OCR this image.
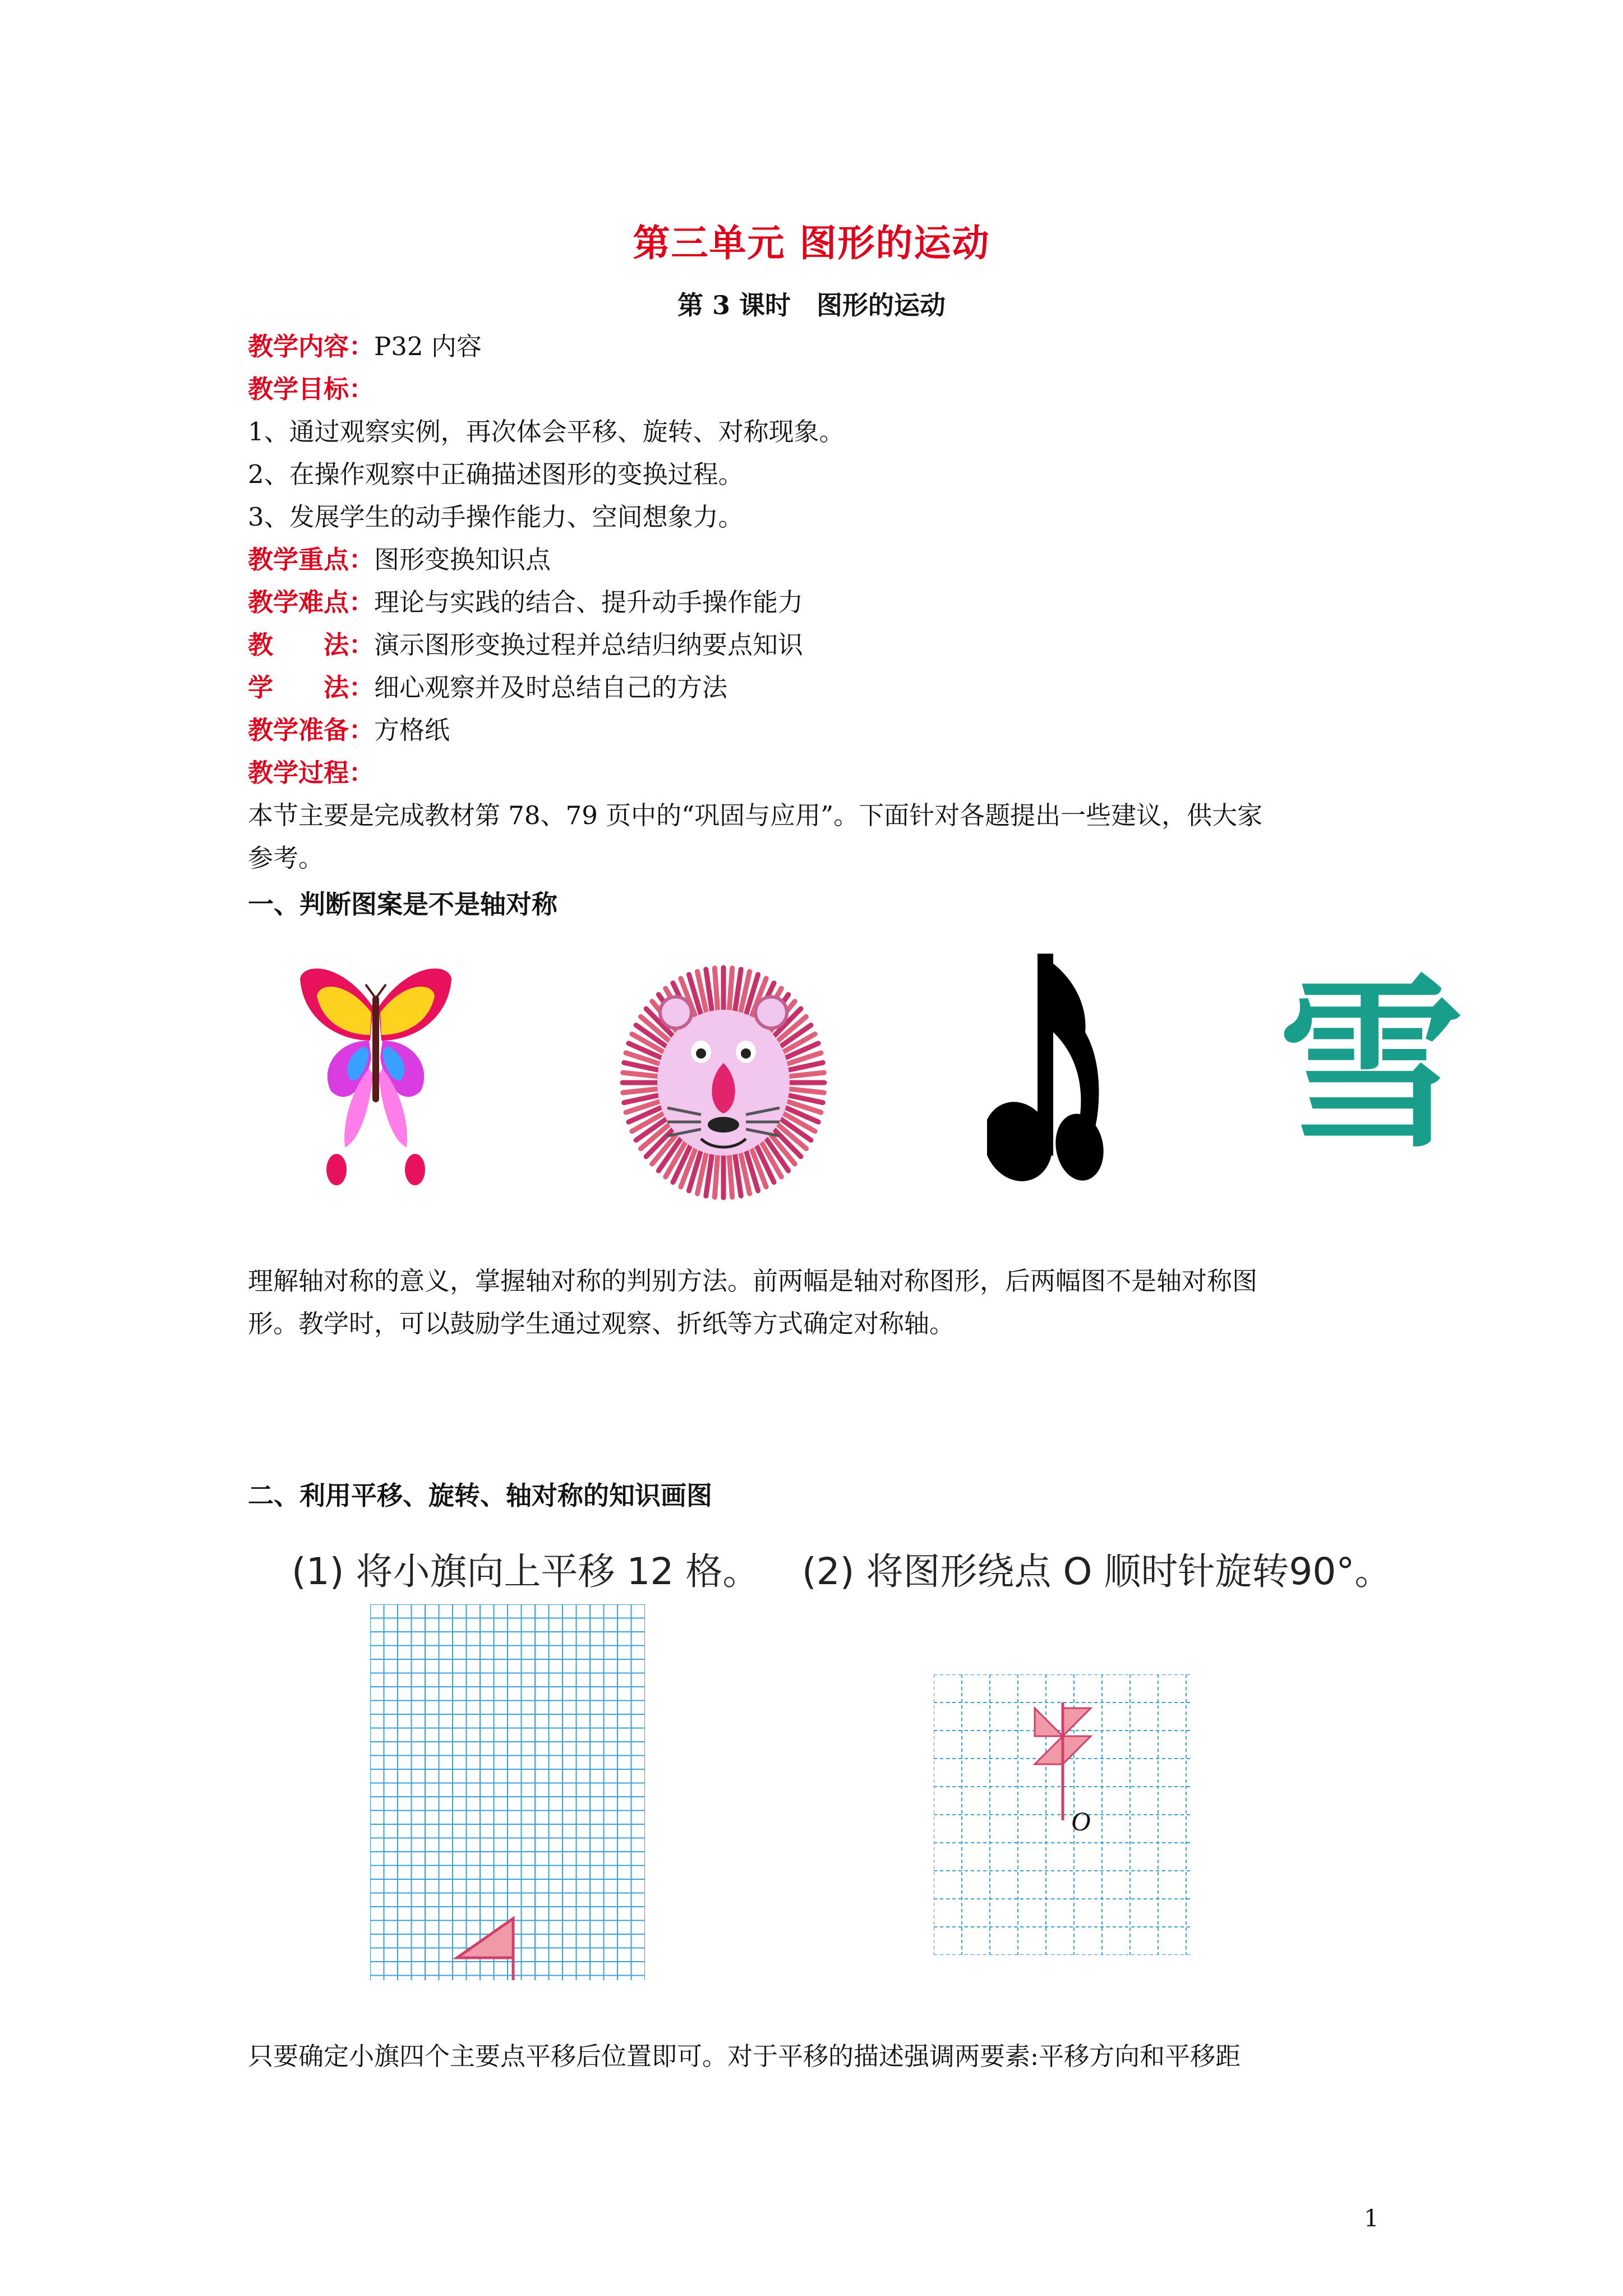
第三单元 图形的运动
第 3 课时　图形的运动
教学内容：P32 内容
教学目标：
1、通过观察实例，再次体会平移、旋转、对称现象。
2、在操作观察中正确描述图形的变换过程。
3、发展学生的动手操作能力、空间想象力。
教学重点：图形变换知识点
教学难点：理论与实践的结合、提升动手操作能力
教　　法：演示图形变换过程并总结归纳要点知识
学　　法：细心观察并及时总结自己的方法
教学准备：方格纸
教学过程：
本节主要是完成教材第 78、79 页中的“巩固与应用”。下面针对各题提出一些建议，供大家
参考。
一、判断图案是不是轴对称
雪
理解轴对称的意义，掌握轴对称的判别方法。前两幅是轴对称图形，后两幅图不是轴对称图
形。教学时，可以鼓励学生通过观察、折纸等方式确定对称轴。
二、利用平移、旋转、轴对称的知识画图
(1) 将小旗向上平移 12 格。 (2) 将图形绕点 O 顺时针旋转90°。
O
只要确定小旗四个主要点平移后位置即可。对于平移的描述强调两要素:平移方向和平移距
1
